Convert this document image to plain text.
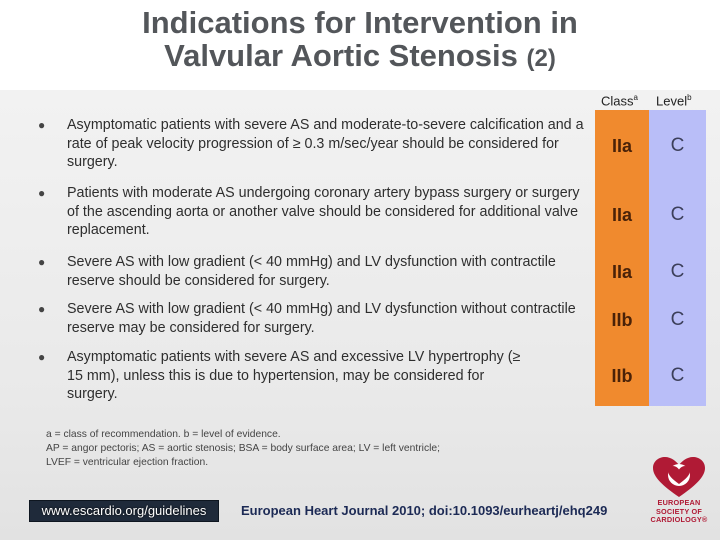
Indications for Intervention in
Valvular Aortic Stenosis (2)
Class$^a$ Level$^b$
● Asymptomatic patients with severe AS and moderate-to-severe calcification and a rate of peak velocity progression of ≥ 0.3 m/sec/year should be considered for surgery.
IIa	C
● Patients with moderate AS undergoing coronary artery bypass surgery or surgery of the ascending aorta or another valve should be considered for additional valve replacement.
IIa	C
● Severe AS with low gradient (< 40 mmHg) and LV dysfunction with contractile reserve should be considered for surgery.	IIa	C
● Severe AS with low gradient (< 40 mmHg) and LV dysfunction without contractile reserve may be considered for surgery.	IIb	C
● Asymptomatic patients with severe AS and excessive LV hypertrophy (≥ 15 mm), unless this is due to hypertension, may be considered for surgery.
IIb	C
a = class of recommendation. b = level of evidence.
AP = angor pectoris; AS = aortic stenosis; BSA = body surface area; LV = left ventricle;
LVEF = ventricular ejection fraction.
www.escardio.org/guidelines	European Heart Journal 2010; doi:10.1093/eurheartj/ehq249
EUROPEAN
SOCIETY OF
CARDIOLOGY®
